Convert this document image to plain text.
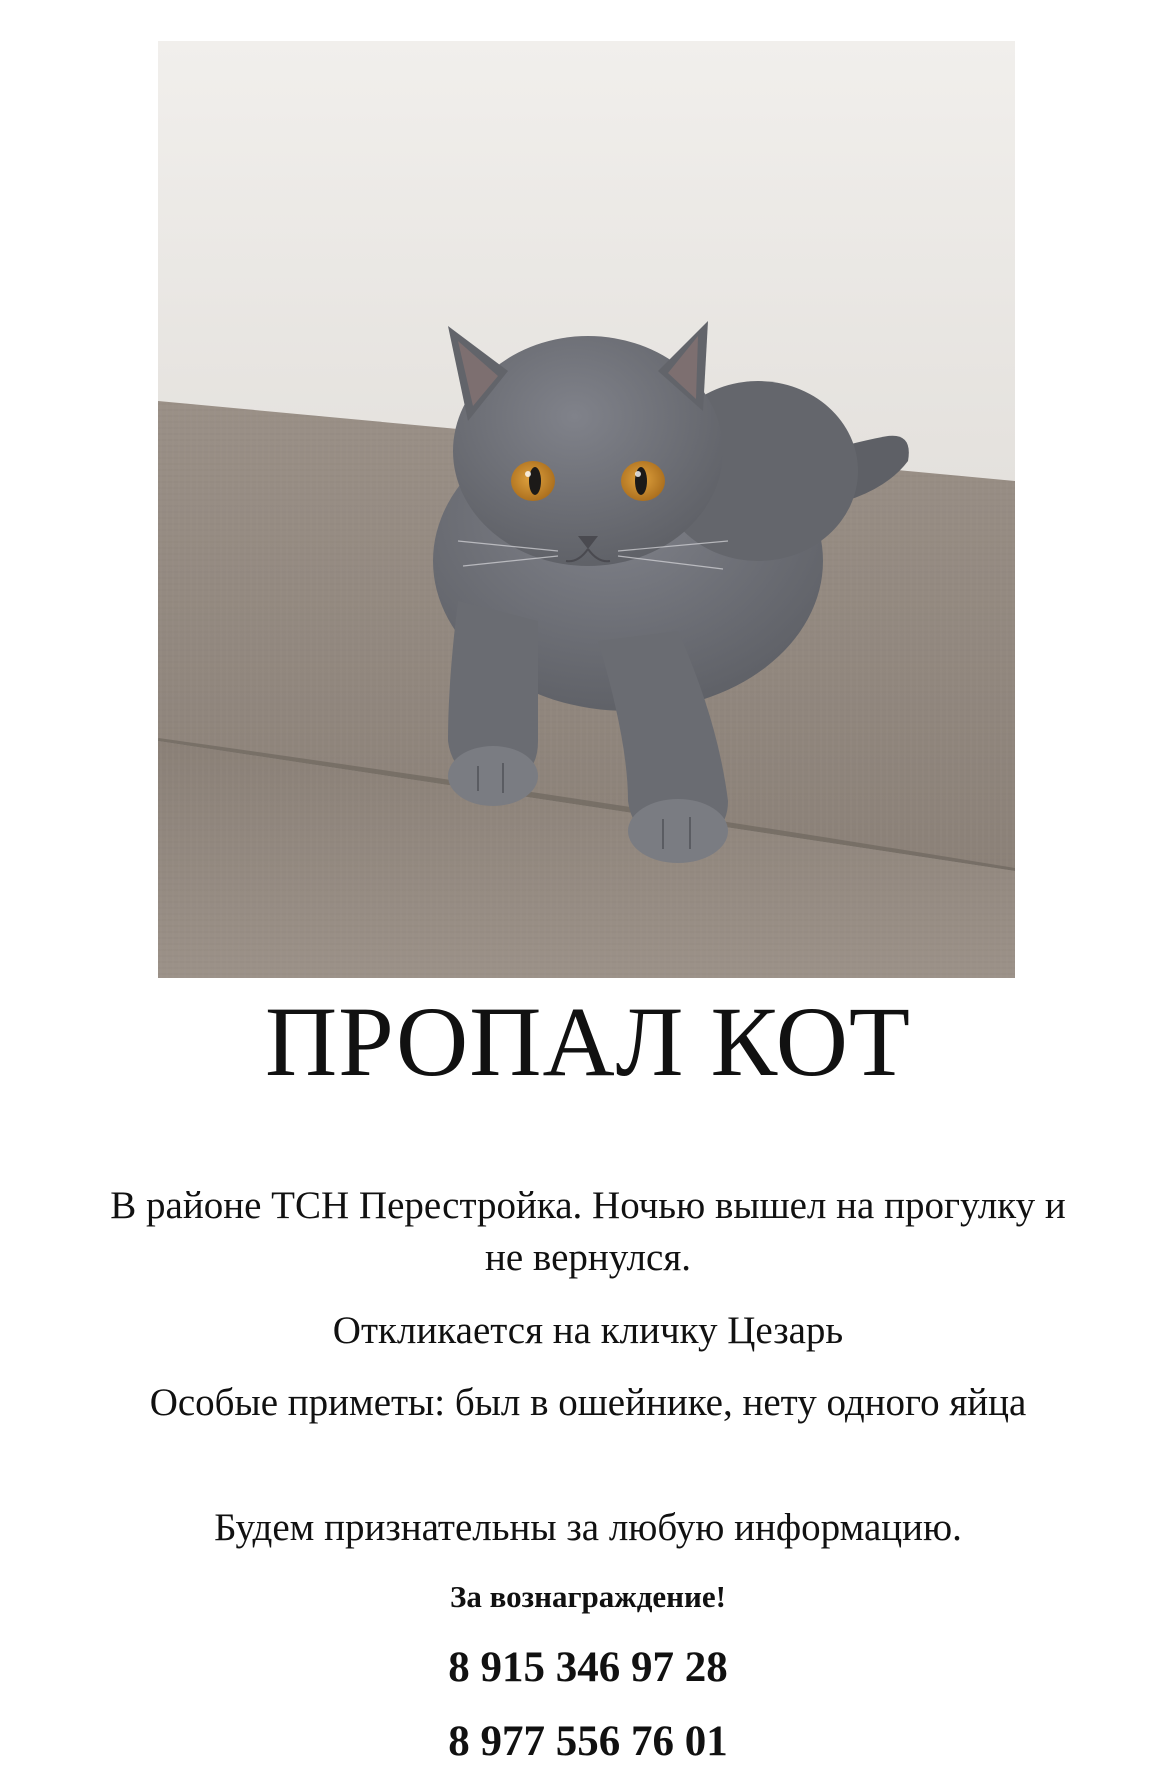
ПРОПАЛ КОТ

В районе ТСН Перестройка. Ночью вышел на прогулку и не вернулся.

Откликается на кличку Цезарь

Особые приметы: был в ошейнике, нету одного яйца

Будем признательны за любую информацию.

За вознаграждение!

8 915 346 97 28

8 977 556 76 01
